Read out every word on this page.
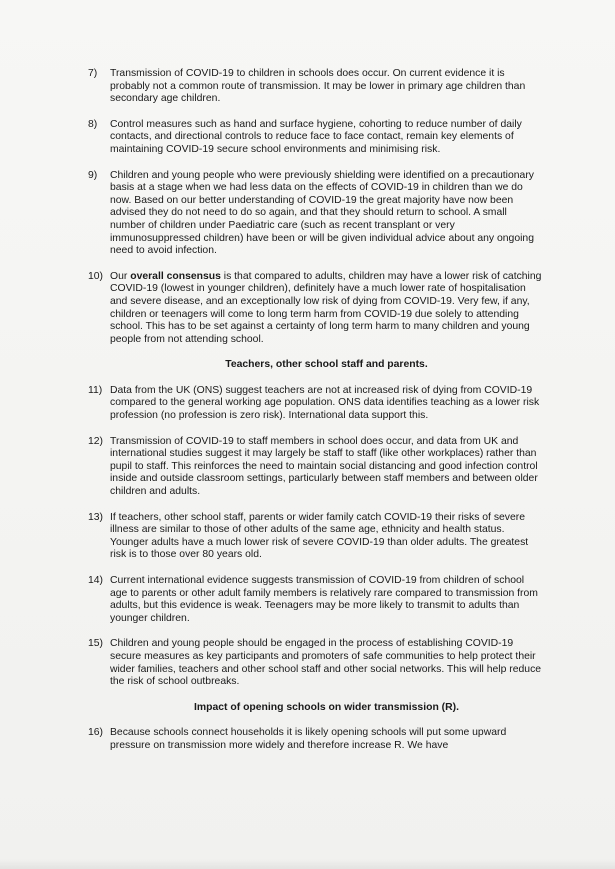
7)	Transmission of COVID-19 to children in schools does occur. On current evidence it is probably not a common route of transmission. It may be lower in primary age children than secondary age children.
8)	Control measures such as hand and surface hygiene, cohorting to reduce number of daily contacts, and directional controls to reduce face to face contact, remain key elements of maintaining COVID-19 secure school environments and minimising risk.
9)	Children and young people who were previously shielding were identified on a precautionary basis at a stage when we had less data on the effects of COVID-19 in children than we do now. Based on our better understanding of COVID-19 the great majority have now been advised they do not need to do so again, and that they should return to school. A small number of children under Paediatric care (such as recent transplant or very immunosuppressed children) have been or will be given individual advice about any ongoing need to avoid infection.
10) Our overall consensus is that compared to adults, children may have a lower risk of catching COVID-19 (lowest in younger children), definitely have a much lower rate of hospitalisation and severe disease, and an exceptionally low risk of dying from COVID-19. Very few, if any, children or teenagers will come to long term harm from COVID-19 due solely to attending school. This has to be set against a certainty of long term harm to many children and young people from not attending school.
Teachers, other school staff and parents.
11) Data from the UK (ONS) suggest teachers are not at increased risk of dying from COVID-19 compared to the general working age population. ONS data identifies teaching as a lower risk profession (no profession is zero risk). International data support this.
12) Transmission of COVID-19 to staff members in school does occur, and data from UK and international studies suggest it may largely be staff to staff (like other workplaces) rather than pupil to staff. This reinforces the need to maintain social distancing and good infection control inside and outside classroom settings, particularly between staff members and between older children and adults.
13) If teachers, other school staff, parents or wider family catch COVID-19 their risks of severe illness are similar to those of other adults of the same age, ethnicity and health status. Younger adults have a much lower risk of severe COVID-19 than older adults. The greatest risk is to those over 80 years old.
14) Current international evidence suggests transmission of COVID-19 from children of school age to parents or other adult family members is relatively rare compared to transmission from adults, but this evidence is weak. Teenagers may be more likely to transmit to adults than younger children.
15) Children and young people should be engaged in the process of establishing COVID-19 secure measures as key participants and promoters of safe communities to help protect their wider families, teachers and other school staff and other social networks. This will help reduce the risk of school outbreaks.
Impact of opening schools on wider transmission (R).
16) Because schools connect households it is likely opening schools will put some upward pressure on transmission more widely and therefore increase R. We have
